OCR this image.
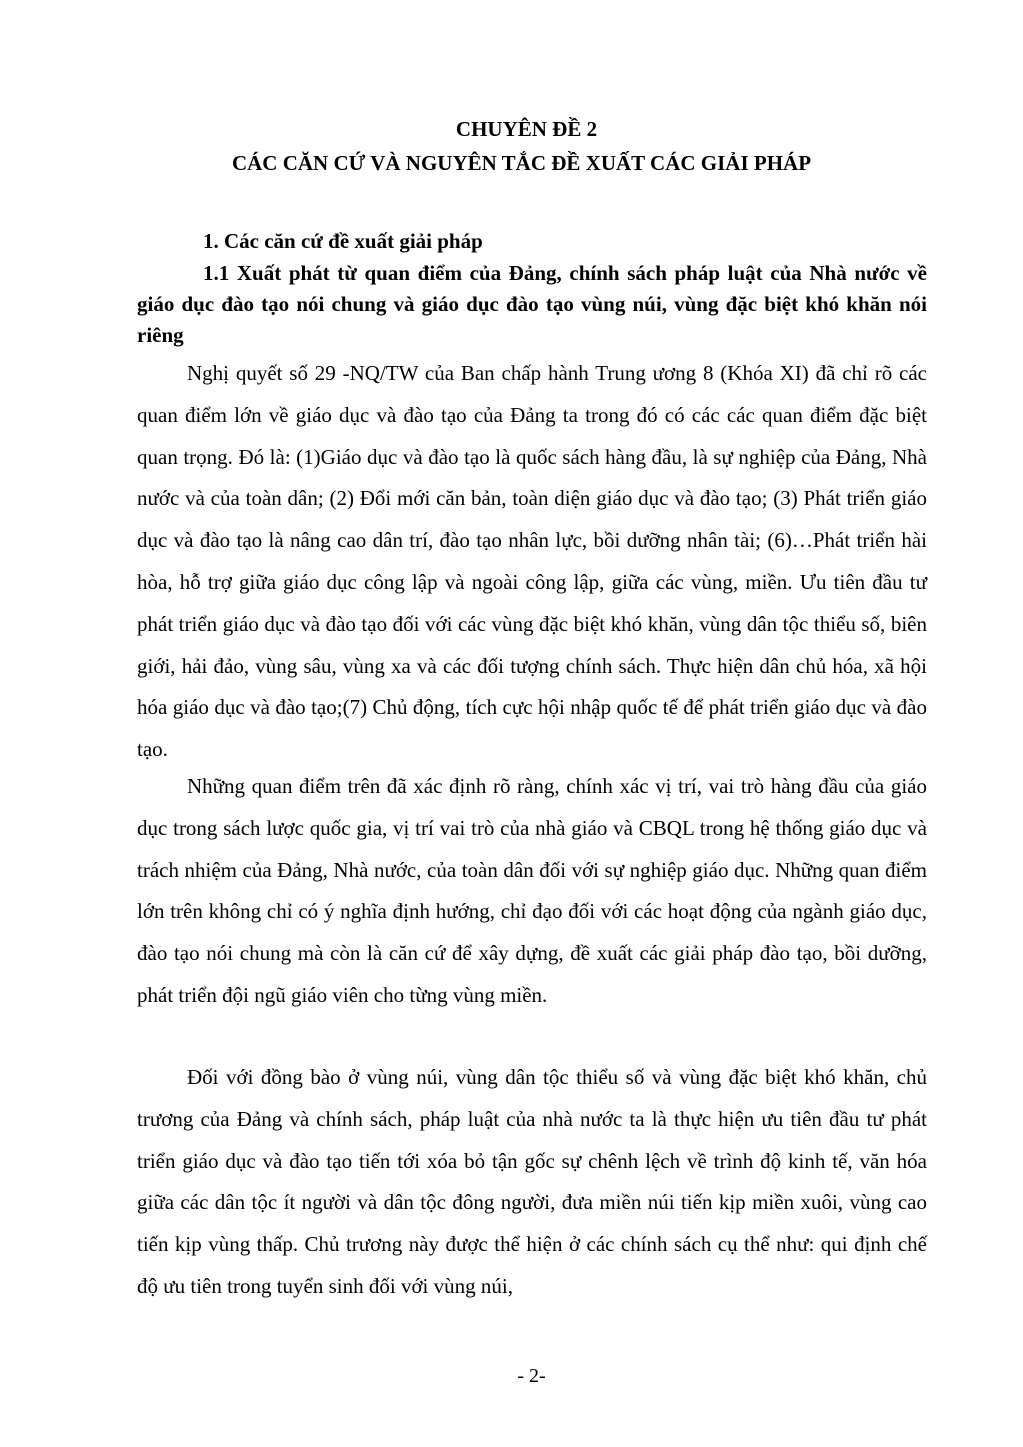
CHUYÊN ĐỀ 2
CÁC CĂN CỨ VÀ NGUYÊN TẮC ĐỀ XUẤT CÁC GIẢI PHÁP

1. Các căn cứ đề xuất giải pháp

1.1 Xuất phát từ quan điểm của Đảng, chính sách pháp luật của Nhà nước về giáo dục đào tạo nói chung và giáo dục đào tạo vùng núi, vùng đặc biệt khó khăn nói riêng

Nghị quyết số 29 -NQ/TW của Ban chấp hành Trung ương 8 (Khóa XI) đã chỉ rõ các quan điểm lớn về giáo dục và đào tạo của Đảng ta trong đó có các các quan điểm đặc biệt quan trọng. Đó là: (1)Giáo dục và đào tạo là quốc sách hàng đầu, là sự nghiệp của Đảng, Nhà nước và của toàn dân; (2) Đổi mới căn bản, toàn diện giáo dục và đào tạo; (3) Phát triển giáo dục và đào tạo là nâng cao dân trí, đào tạo nhân lực, bồi dưỡng nhân tài; (6)…Phát triển hài hòa, hỗ trợ giữa giáo dục công lập và ngoài công lập, giữa các vùng, miền. Ưu tiên đầu tư phát triển giáo dục và đào tạo đối với các vùng đặc biệt khó khăn, vùng dân tộc thiểu số, biên giới, hải đảo, vùng sâu, vùng xa và các đối tượng chính sách. Thực hiện dân chủ hóa, xã hội hóa giáo dục và đào tạo;(7) Chủ động, tích cực hội nhập quốc tế để phát triển giáo dục và đào tạo.

Những quan điểm trên đã xác định rõ ràng, chính xác vị trí, vai trò hàng đầu của giáo dục trong sách lược quốc gia, vị trí vai trò của nhà giáo và CBQL trong hệ thống giáo dục và trách nhiệm của Đảng, Nhà nước, của toàn dân đối với sự nghiệp giáo dục. Những quan điểm lớn trên không chỉ có ý nghĩa định hướng, chỉ đạo đối với các hoạt động của ngành giáo dục, đào tạo nói chung mà còn là căn cứ để xây dựng, đề xuất các giải pháp đào tạo, bồi dưỡng, phát triển đội ngũ giáo viên cho từng vùng miền.

Đối với đồng bào ở vùng núi, vùng dân tộc thiểu số và vùng đặc biệt khó khăn, chủ trương của Đảng và chính sách, pháp luật của nhà nước ta là thực hiện ưu tiên đầu tư phát triển giáo dục và đào tạo tiến tới xóa bỏ tận gốc sự chênh lệch về trình độ kinh tế, văn hóa giữa các dân tộc ít người và dân tộc đông người, đưa miền núi tiến kịp miền xuôi, vùng cao tiến kịp vùng thấp. Chủ trương này được thể hiện ở các chính sách cụ thể như: qui định chế độ ưu tiên trong tuyển sinh đối với vùng núi,

- 2-
